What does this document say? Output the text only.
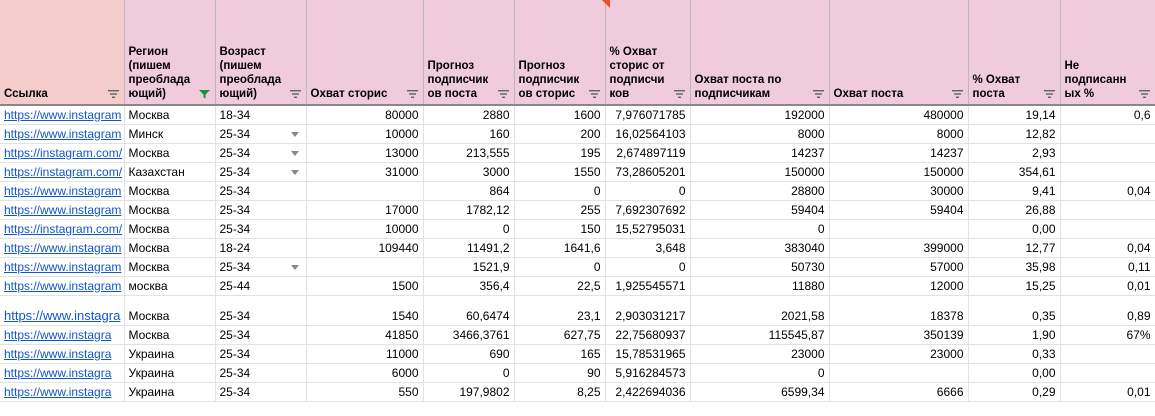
Ссылка	Регион
(пишем
преоблада
ющий)	Возраст
(пишем
преоблада
ющий)	Охват сторис	Прогноз
подписчик
ов поста	Прогноз
подписчик
ов сторис	% Охват
сторис от
подписчи
ков	Охват поста по
подписчикам	Охват поста	% Охват
поста	Не
подписанн
ых %

https://www.instagram	Москва	18-34	80000	2880	1600	7,976071785	192000	480000	19,14	0,6
https://www.instagram	Минск	25-34	10000	160	200	16,02564103	8000	8000	12,82	
https://instagram.com/	Москва	25-34	13000	213,555	195	2,674897119	14237	14237	2,93	
https://instagram.com/	Казахстан	25-34	31000	3000	1550	73,28605201	150000	150000	354,61	
https://www.instagram	Москва	25-34		864	0	0	28800	30000	9,41	0,04
https://www.instagram	Москва	25-34	17000	1782,12	255	7,692307692	59404	59404	26,88	
https://instagram.com/	Москва	25-34	10000	0	150	15,52795031	0		0,00	
https://www.instagram	Москва	18-24	109440	11491,2	1641,6	3,648	383040	399000	12,77	0,04
https://www.instagram	Москва	25-34		1521,9	0	0	50730	57000	35,98	0,11
https://www.instagram	москва	25-44	1500	356,4	22,5	1,925545571	11880	12000	15,25	0,01
https://www.instagra	Москва	25-34	1540	60,6474	23,1	2,903031217	2021,58	18378	0,35	0,89
https://www.instagra	Москва	25-34	41850	3466,3761	627,75	22,75680937	115545,87	350139	1,90	67%
https://www.instagra	Украина	25-34	11000	690	165	15,78531965	23000	23000	0,33	
https://www.instagra	Украина	25-34	6000	0	90	5,916284573	0		0,00	
https://www.instagra	Украина	25-34	550	197,9802	8,25	2,422694036	6599,34	6666	0,29	0,01
